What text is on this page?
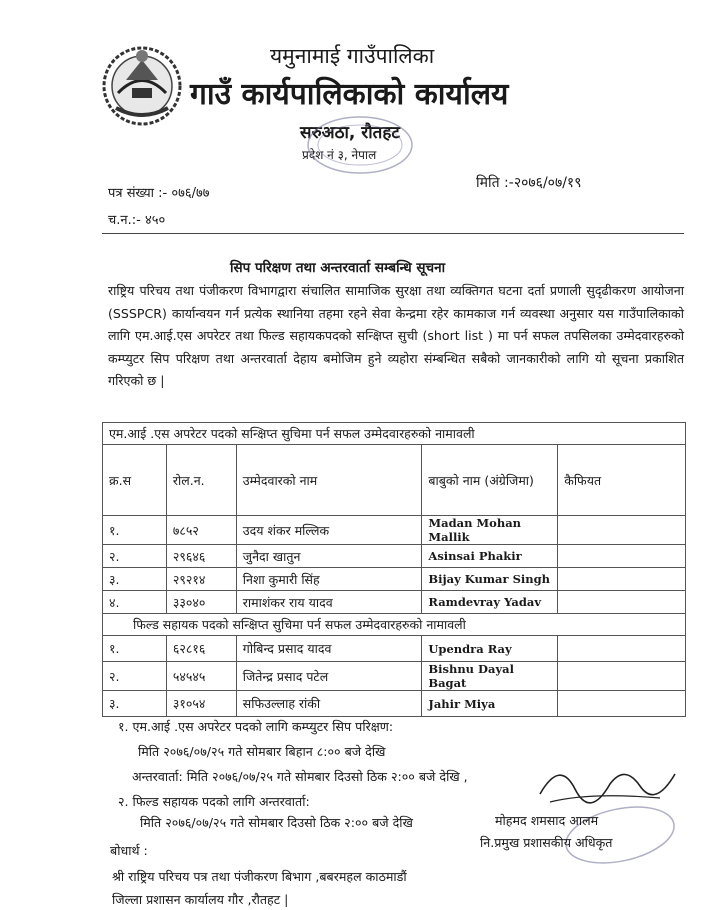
यमुनामाई गाउँपालिका
गाउँ कार्यपालिकाको कार्यालय
सरुअठा, रौतहट
प्रदेश नं ३, नेपाल
पत्र संख्या :- ०७६/७७
च.न.:- ४५०
मिति :-२०७६/०७/१९
सिप परिक्षण तथा अन्तरवार्ता सम्बन्धि सूचना
राष्ट्रिय परिचय तथा पंजीकरण विभागद्वारा संचालित सामाजिक सुरक्षा तथा व्यक्तिगत घटना दर्ता प्रणाली सुदृढीकरण आयोजना (SSSPCR) कार्यान्वयन गर्न प्रत्येक स्थानिया तहमा रहने सेवा केन्द्रमा रहेर कामकाज गर्न व्यवस्था अनुसार यस गाउँपालिकाको लागि एम.आई.एस अपरेटर तथा फिल्ड सहायकपदको सन्क्षिप्त सुची (short list ) मा पर्न सफल तपसिलका उम्मेदवारहरुको कम्प्युटर सिप परिक्षण तथा अन्तरवार्ता देहाय बमोजिम हुने व्यहोरा संम्बन्धित सबैको जानकारीको लागि यो सूचना प्रकाशित गरिएको छ |
एम.आई .एस अपरेटर पदको सन्क्षिप्त सुचिमा पर्न सफल उम्मेदवारहरुको नामावली				
क्र.स	रोल.न.	उम्मेदवारको नाम	बाबुको नाम (अंग्रेजिमा)	कैफियत
१.	७८५२	उदय शंकर मल्लिक	Madan Mohan Mallik	
२.	२९६४६	जुनैदा खातुन	Asinsai Phakir	
३.	२९२१४	निशा कुमारी सिंह	Bijay Kumar Singh	
४.	३३०४०	रामाशंकर राय यादव	Ramdevray Yadav	
फिल्ड सहायक पदको सन्क्षिप्त सुचिमा पर्न सफल उम्मेदवारहरुको नामावली				
१.	६२८१६	गोबिन्द प्रसाद यादव	Upendra Ray	
२.	५४५४५	जितेन्द्र प्रसाद पटेल	Bishnu Dayal Bagat	
३.	३१०५४	सफिउल्लाह रांकी	Jahir Miya	
१. एम.आई .एस अपरेटर पदको लागि कम्प्युटर सिप परिक्षण:
मिति २०७६/०७/२५ गते सोमबार बिहान ८:०० बजे देखि
अन्तरवार्ता: मिति २०७६/०७/२५ गते सोमबार दिउसो ठिक २:०० बजे देखि ,
२. फिल्ड सहायक पदको लागि अन्तरवार्ता:
मिति २०७६/०७/२५ गते सोमबार दिउसो ठिक २:०० बजे देखि
बोधार्थ :
श्री राष्ट्रिय परिचय पत्र तथा पंजीकरण बिभाग ,बबरमहल काठमाडौं
जिल्ला प्रशासन कार्यालय गौर ,रौतहट |
मोहमद शमसाद आलम
नि.प्रमुख प्रशासकीय अधिकृत
